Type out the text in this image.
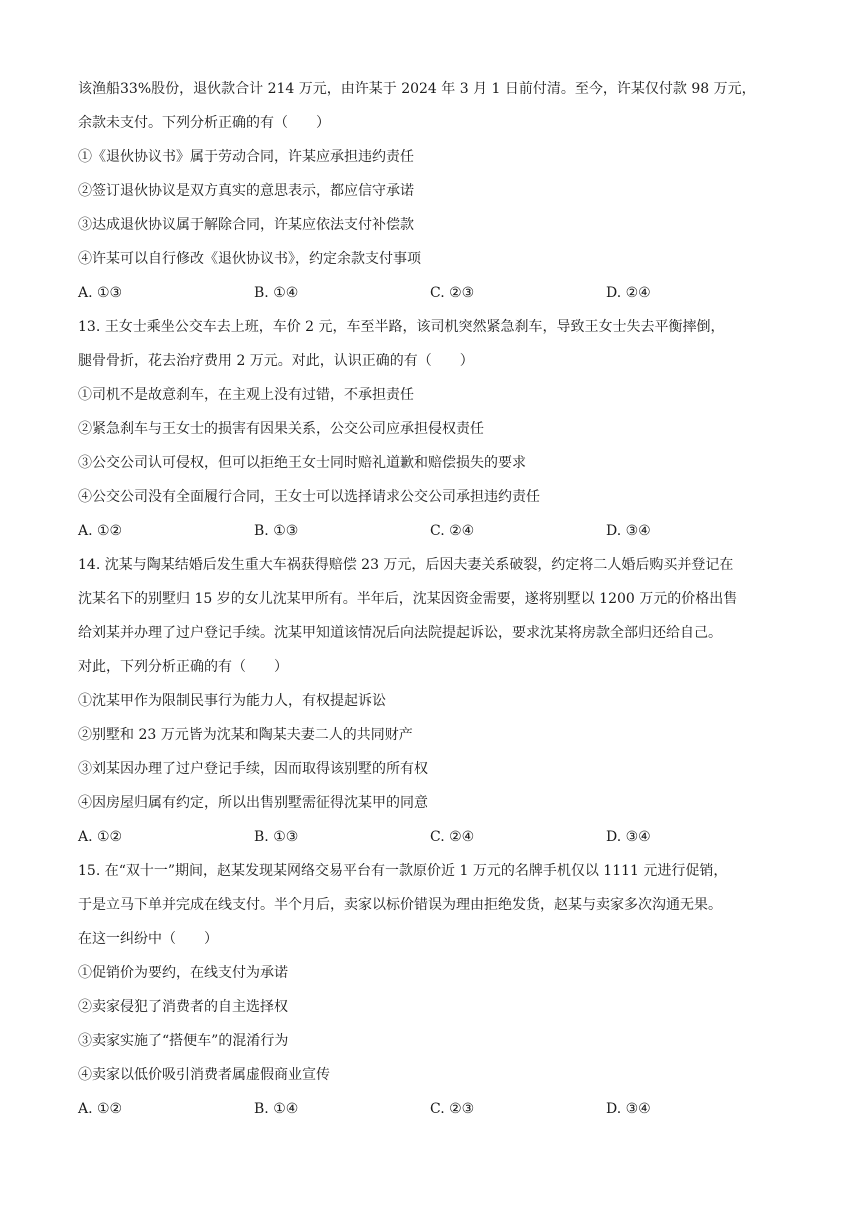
该渔船33%股份，退伙款合计 214 万元，由许某于 2024 年 3 月 1 日前付清。至今，许某仅付款 98 万元，
余款未支付。下列分析正确的有（　　）
①《退伙协议书》属于劳动合同，许某应承担违约责任
②签订退伙协议是双方真实的意思表示，都应信守承诺
③达成退伙协议属于解除合同，许某应依法支付补偿款
④许某可以自行修改《退伙协议书》，约定余款支付事项
A. ①③	B. ①④	C. ②③	D. ②④
13. 王女士乘坐公交车去上班，车价 2 元，车至半路，该司机突然紧急刹车，导致王女士失去平衡摔倒，
腿骨骨折，花去治疗费用 2 万元。对此，认识正确的有（　　）
①司机不是故意刹车，在主观上没有过错，不承担责任
②紧急刹车与王女士的损害有因果关系，公交公司应承担侵权责任
③公交公司认可侵权，但可以拒绝王女士同时赔礼道歉和赔偿损失的要求
④公交公司没有全面履行合同，王女士可以选择请求公交公司承担违约责任
A. ①②	B. ①③	C. ②④	D. ③④
14. 沈某与陶某结婚后发生重大车祸获得赔偿 23 万元，后因夫妻关系破裂，约定将二人婚后购买并登记在
沈某名下的别墅归 15 岁的女儿沈某甲所有。半年后，沈某因资金需要，遂将别墅以 1200 万元的价格出售
给刘某并办理了过户登记手续。沈某甲知道该情况后向法院提起诉讼，要求沈某将房款全部归还给自己。
对此，下列分析正确的有（　　）
①沈某甲作为限制民事行为能力人，有权提起诉讼
②别墅和 23 万元皆为沈某和陶某夫妻二人的共同财产
③刘某因办理了过户登记手续，因而取得该别墅的所有权
④因房屋归属有约定，所以出售别墅需征得沈某甲的同意
A. ①②	B. ①③	C. ②④	D. ③④
15. 在“双十一”期间，赵某发现某网络交易平台有一款原价近 1 万元的名牌手机仅以 1111 元进行促销，
于是立马下单并完成在线支付。半个月后，卖家以标价错误为理由拒绝发货，赵某与卖家多次沟通无果。
在这一纠纷中（　　）
①促销价为要约，在线支付为承诺
②卖家侵犯了消费者的自主选择权
③卖家实施了“搭便车”的混淆行为
④卖家以低价吸引消费者属虚假商业宣传
A. ①②	B. ①④	C. ②③	D. ③④
